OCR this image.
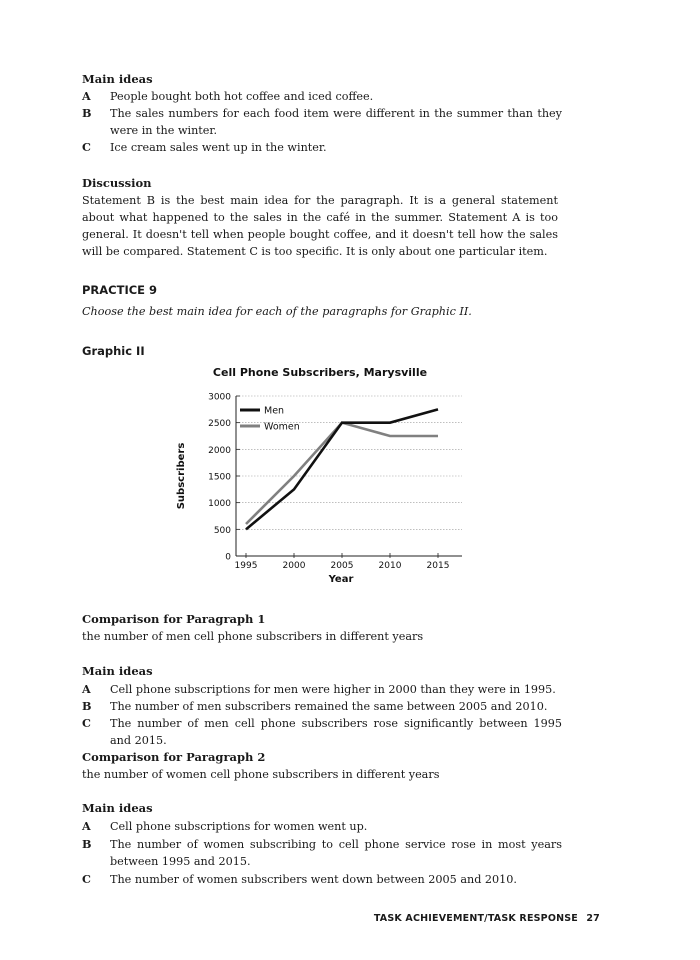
Main ideas
A	People bought both hot coffee and iced coffee.
B	The sales numbers for each food item were different in the summer than they were in the winter.
C	Ice cream sales went up in the winter.
Discussion
Statement B is the best main idea for the paragraph. It is a general statement about what happened to the sales in the café in the summer. Statement A is too general. It doesn't tell when people bought coffee, and it doesn't tell how the sales will be compared. Statement C is too specific. It is only about one particular item.
PRACTICE 9
Choose the best main idea for each of the paragraphs for Graphic II.
Graphic II
Cell Phone Subscribers, Marysville
0
500
1000
1500
2000
2500
3000
1995	2000	2005	2010	2015
Men
Women
Year
Subscribers
Comparison for Paragraph 1
the number of men cell phone subscribers in different years
Main ideas
A	Cell phone subscriptions for men were higher in 2000 than they were in 1995.
B	The number of men subscribers remained the same between 2005 and 2010.
C	The number of men cell phone subscribers rose significantly between 1995 and 2015.
Comparison for Paragraph 2
the number of women cell phone subscribers in different years
Main ideas
A	Cell phone subscriptions for women went up.
B	The number of women subscribing to cell phone service rose in most years between 1995 and 2015.
C	The number of women subscribers went down between 2005 and 2010.
TASK ACHIEVEMENT/TASK RESPONSE 27
